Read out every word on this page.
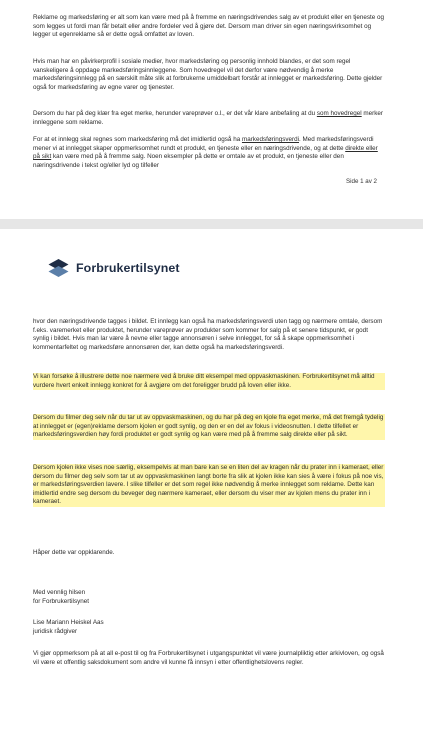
Reklame og markedsføring er alt som kan være med på å fremme en næringsdrivendes salg av et produkt eller en tjeneste og som legges ut fordi man får betalt eller andre fordeler ved å gjøre det. Dersom man driver sin egen næringsvirksomhet og legger ut egenreklame så er dette også omfattet av loven.

Hvis man har en påvirkerprofil i sosiale medier, hvor markedsføring og personlig innhold blandes, er det som regel vanskeligere å oppdage markedsføringsinnleggene. Som hovedregel vil det derfor være nødvendig å merke markedsføringsinnlegg på en særskilt måte slik at forbrukerne umiddelbart forstår at innlegget er markedsføring. Dette gjelder også for markedsføring av egne varer og tjenester.

Dersom du har på deg klær fra eget merke, herunder vareprøver o.l., er det vår klare anbefaling at du som hovedregel merker innleggene som reklame.

For at et innlegg skal regnes som markedsføring må det imidlertid også ha markedsføringsverdi. Med markedsføringsverdi mener vi at innlegget skaper oppmerksomhet rundt et produkt, en tjeneste eller en næringsdrivende, og at dette direkte eller på sikt kan være med på å fremme salg. Noen eksempler på dette er omtale av et produkt, en tjeneste eller den næringsdrivende i tekst og/eller lyd og tilfeller

Side 1 av 2
Forbrukertilsynet

hvor den næringsdrivende tagges i bildet. Et innlegg kan også ha markedsføringsverdi uten tagg og nærmere omtale, dersom f.eks. varemerket eller produktet, herunder vareprøver av produkter som kommer for salg på et senere tidspunkt, er godt synlig i bildet. Hvis man lar være å nevne eller tagge annonsøren i selve innlegget, for så å skape oppmerksomhet i kommentarfeltet og markedsføre annonsøren der, kan dette også ha markedsføringsverdi.

Vi kan forsøke å illustrere dette noe nærmere ved å bruke ditt eksempel med oppvaskmaskinen. Forbrukertilsynet må alltid vurdere hvert enkelt innlegg konkret for å avgjøre om det foreligger brudd på loven eller ikke.

Dersom du filmer deg selv når du tar ut av oppvaskmaskinen, og du har på deg en kjole fra eget merke, må det fremgå tydelig at innlegget er (egen)reklame dersom kjolen er godt synlig, og den er en del av fokus i videosnutten. I dette tilfellet er markedsføringsverdien høy fordi produktet er godt synlig og kan være med på å fremme salg direkte eller på sikt.

Dersom kjolen ikke vises noe særlig, eksempelvis at man bare kan se en liten del av kragen når du prater inn i kameraet, eller dersom du filmer deg selv som tar ut av oppvaskmaskinen langt borte fra slik at kjolen ikke kan sies å være i fokus på noe vis, er markedsføringsverdien lavere. I slike tilfeller er det som regel ikke nødvendig å merke innlegget som reklame. Dette kan imidlertid endre seg dersom du beveger deg nærmere kameraet, eller dersom du viser mer av kjolen mens du prater inn i kameraet.

Håper dette var oppklarende.

Med vennlig hilsen
for Forbrukertilsynet

Lise Mariann Heiskel Aas
juridisk rådgiver

Vi gjør oppmerksom på at all e-post til og fra Forbrukertilsynet i utgangspunktet vil være journalpliktig etter arkivloven, og også vil være et offentlig saksdokument som andre vil kunne få innsyn i etter offentlighetslovens regler.
